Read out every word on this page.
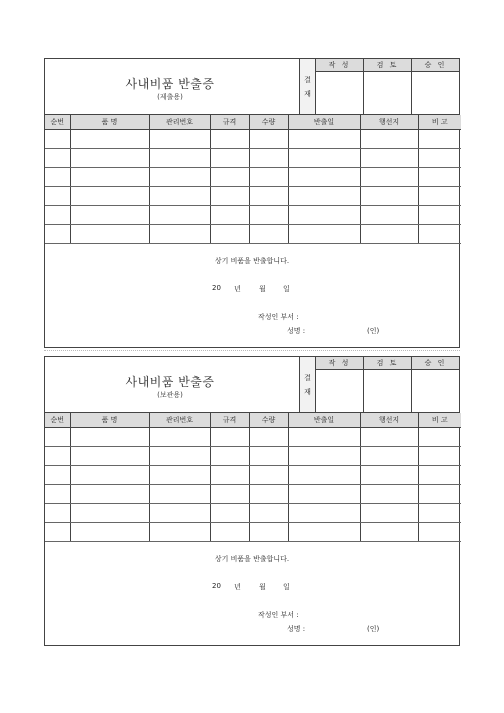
사내비품 반출증
(제출용)
결
재	작 성	검 토	승 인

순번	품 명	관리번호	규격	수량	반출일	행선지	비 고

상기 비품을 반출합니다.
20 년	월 일
작성인 부서 :
성명 :	(인)
사내비품 반출증
(보관용)
결
재	작 성	검 토	승 인

순번	품 명	관리번호	규격	수량	반출일	행선지	비 고

상기 비품을 반출합니다.
20 년	월 일
작성인 부서 :
성명 :	(인)
